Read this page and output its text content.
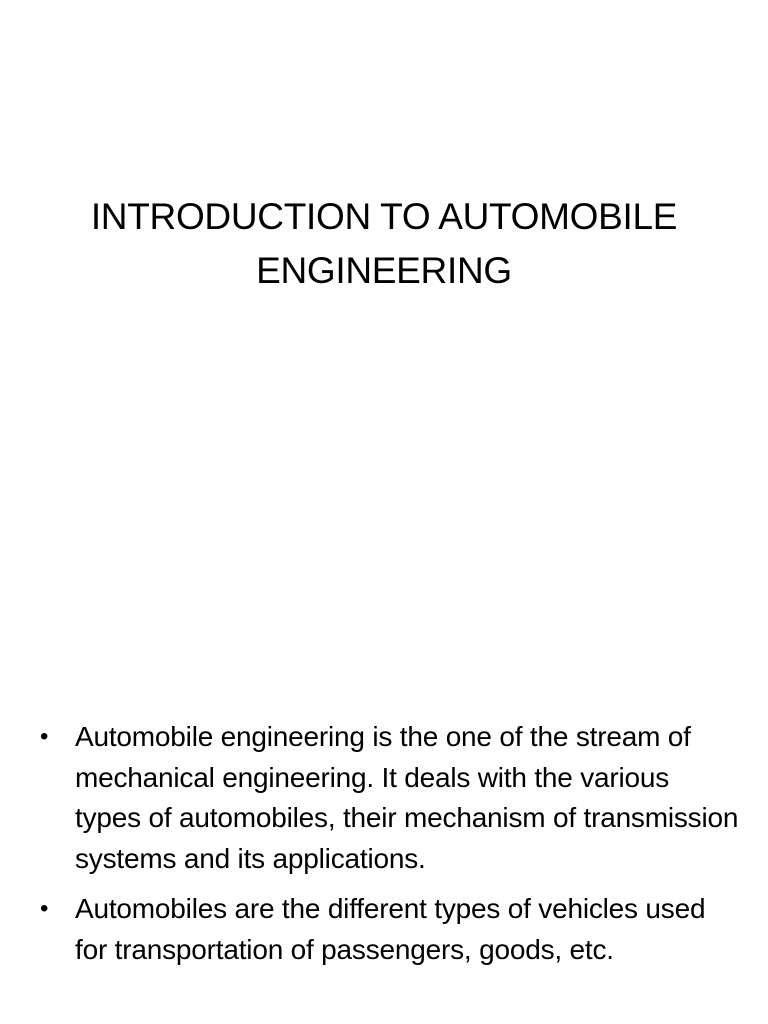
INTRODUCTION TO AUTOMOBILE
ENGINEERING
• Automobile engineering is the one of the stream of mechanical engineering. It deals with the various types of automobiles, their mechanism of transmission systems and its applications.
• Automobiles are the different types of vehicles used for transportation of passengers, goods, etc.
